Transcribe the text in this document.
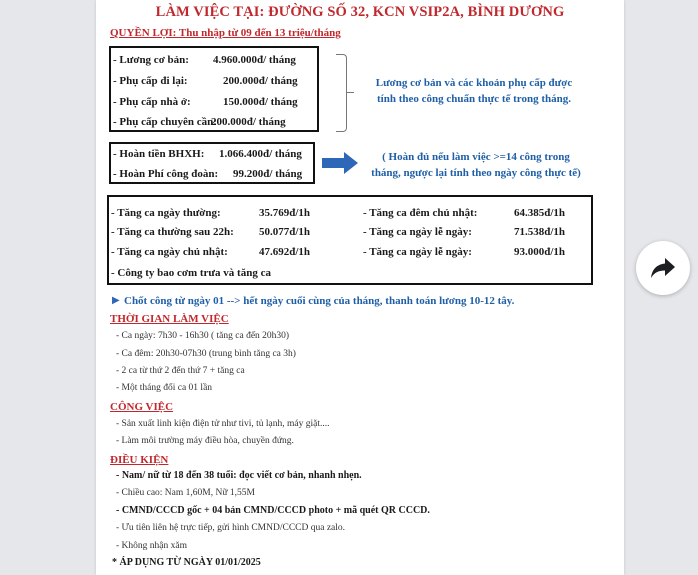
LÀM VIỆC TẠI: ĐƯỜNG SỐ 32, KCN VSIP2A, BÌNH DƯƠNG
QUYỀN LỢI: Thu nhập từ 09 đến 13 triệu/tháng
- Lương cơ bản: 4.960.000đ/ tháng
- Phụ cấp đi lại:	200.000đ/ tháng
- Phụ cấp nhà ở:	150.000đ/ tháng
- Phụ cấp chuyên cần:
200.000đ/ tháng
Lương cơ bản và các khoản phụ cấp được
tính theo công chuẩn thực tế trong tháng.
- Hoàn tiền BHXH: 1.066.400đ/ tháng
- Hoàn Phí công đoàn: 99.200đ/ tháng
( Hoàn đủ nếu làm việc >=14 công trong
tháng, ngược lại tính theo ngày công thực tế)
- Tăng ca ngày thường:	35.769đ/1h	- Tăng ca đêm chủ nhật:	64.385đ/1h
- Tăng ca thường sau 22h: 50.077đ/1h	- Tăng ca ngày lễ ngày:	71.538đ/1h
- Tăng ca ngày chủ nhật:	47.692đ/1h	- Tăng ca ngày lễ ngày:	93.000đ/1h
- Công ty bao cơm trưa và tăng ca
▶ Chốt công từ ngày 01 --> hết ngày cuối cùng của tháng, thanh toán lương 10-12 tây.
THỜI GIAN LÀM VIỆC
- Ca ngày: 7h30 - 16h30 ( tăng ca đến 20h30)
- Ca đêm: 20h30-07h30 (trung bình tăng ca 3h)
- 2 ca từ thứ 2 đến thứ 7 + tăng ca
- Một tháng đổi ca 01 lần
CÔNG VIỆC
- Sản xuất linh kiện điện tử như tivi, tủ lạnh, máy giặt....
- Làm môi trường máy điều hòa, chuyền đứng.
ĐIỀU KIỆN
- Nam/ nữ từ 18 đến 38 tuổi: đọc viết cơ bản, nhanh nhẹn.
- Chiều cao: Nam 1,60M, Nữ 1,55M
- CMND/CCCD gốc + 04 bản CMND/CCCD photo + mã quét QR CCCD.
- Ưu tiên liên hệ trực tiếp, gửi hình CMND/CCCD qua zalo.
- Không nhận xăm
* ÁP DỤNG TỪ NGÀY 01/01/2025
